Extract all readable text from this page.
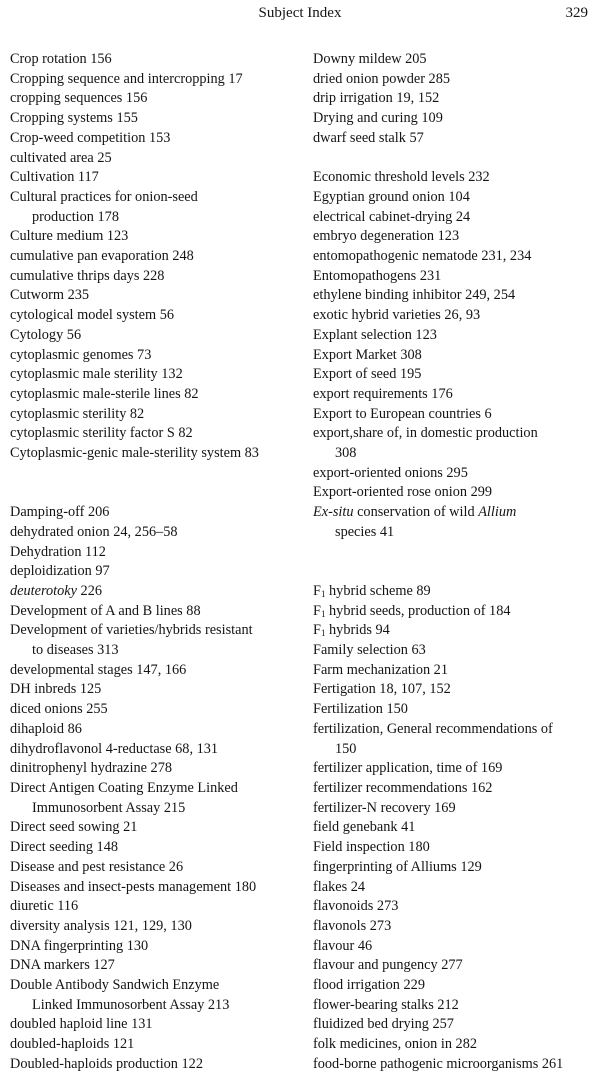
Subject Index	329
Crop rotation 156
Cropping sequence and intercropping 17
cropping sequences 156
Cropping systems 155
Crop-weed competition 153
cultivated area 25
Cultivation 117
Cultural practices for onion-seed
production 178
Culture medium 123
cumulative pan evaporation 248
cumulative thrips days 228
Cutworm 235
cytological model system 56
Cytology 56
cytoplasmic genomes 73
cytoplasmic male sterility 132
cytoplasmic male-sterile lines 82
cytoplasmic sterility 82
cytoplasmic sterility factor S 82
Cytoplasmic-genic male-sterility system 83
Damping-off 206
dehydrated onion 24, 256–58
Dehydration 112
deploidization 97
deuterotoky 226
Development of A and B lines 88
Development of varieties/hybrids resistant
to diseases 313
developmental stages 147, 166
DH inbreds 125
diced onions 255
dihaploid 86
dihydroflavonol 4-reductase 68, 131
dinitrophenyl hydrazine 278
Direct Antigen Coating Enzyme Linked
Immunosorbent Assay 215
Direct seed sowing 21
Direct seeding 148
Disease and pest resistance 26
Diseases and insect-pests management 180
diuretic 116
diversity analysis 121, 129, 130
DNA fingerprinting 130
DNA markers 127
Double Antibody Sandwich Enzyme
Linked Immunosorbent Assay 213
doubled haploid line 131
doubled-haploids 121
Doubled-haploids production 122
Downy mildew 205
dried onion powder 285
drip irrigation 19, 152
Drying and curing 109
dwarf seed stalk 57
Economic threshold levels 232
Egyptian ground onion 104
electrical cabinet-drying 24
embryo degeneration 123
entomopathogenic nematode 231, 234
Entomopathogens 231
ethylene binding inhibitor 249, 254
exotic hybrid varieties 26, 93
Explant selection 123
Export Market 308
Export of seed 195
export requirements 176
Export to European countries 6
export,share of, in domestic production
308
export-oriented onions 295
Export-oriented rose onion 299
Ex-situ conservation of wild Allium
species 41
$F_1$ hybrid scheme 89
$F_1$ hybrid seeds, production of 184
$F_1$ hybrids 94
Family selection 63
Farm mechanization 21
Fertigation 18, 107, 152
Fertilization 150
fertilization, General recommendations of
150
fertilizer application, time of 169
fertilizer recommendations 162
fertilizer-N recovery 169
field genebank 41
Field inspection 180
fingerprinting of Alliums 129
flakes 24
flavonoids 273
flavonols 273
flavour 46
flavour and pungency 277
flood irrigation 229
flower-bearing stalks 212
fluidized bed drying 257
folk medicines, onion in 282
food-borne pathogenic microorganisms 261
